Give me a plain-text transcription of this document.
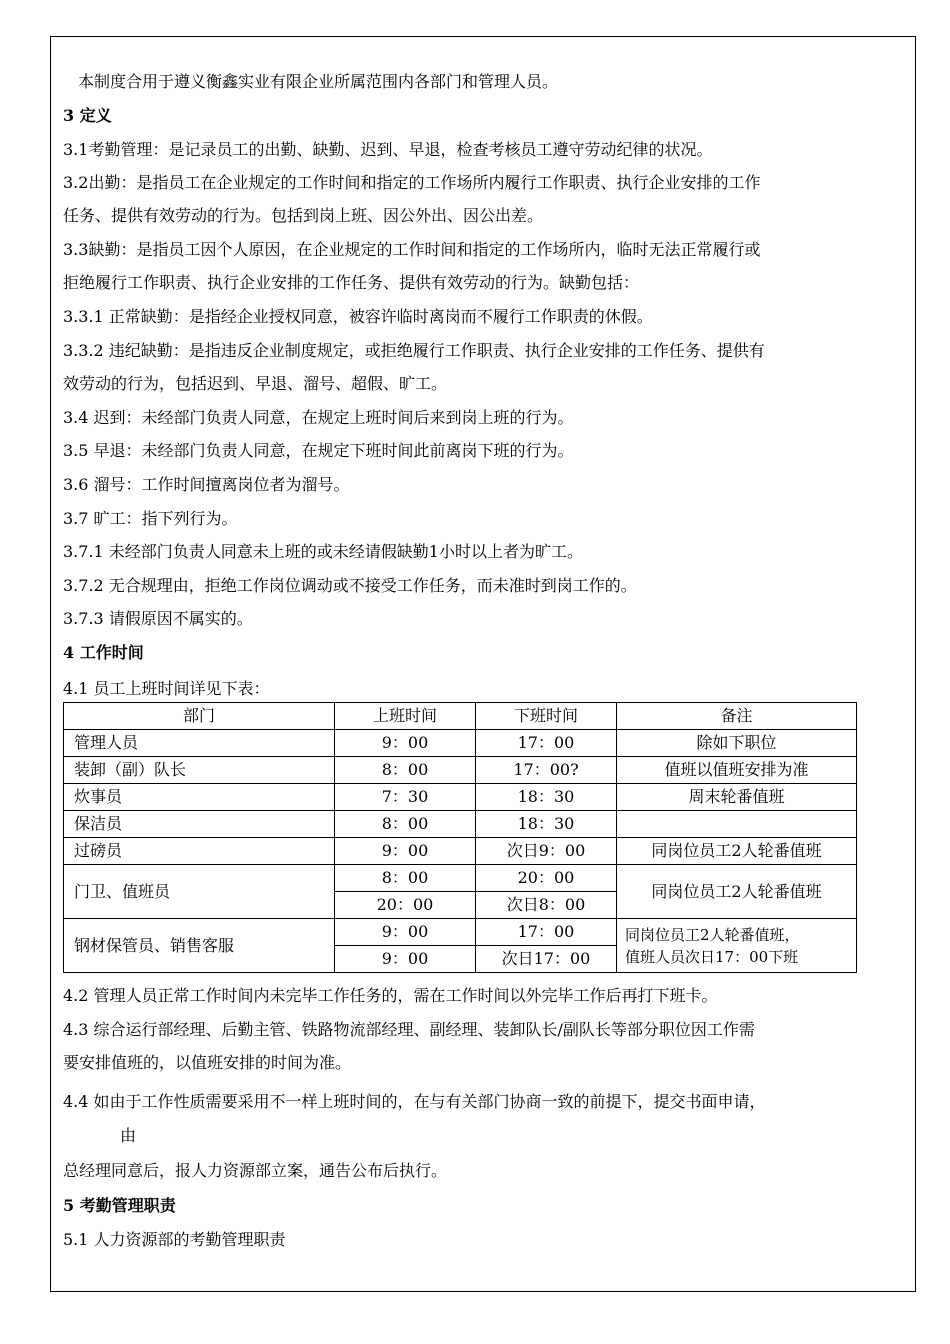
本制度合用于遵义衡鑫实业有限企业所属范围内各部门和管理人员。
3 定义
3.1考勤管理：是记录员工的出勤、缺勤、迟到、早退，检查考核员工遵守劳动纪律的状况。
3.2出勤：是指员工在企业规定的工作时间和指定的工作场所内履行工作职责、执行企业安排的工作
任务、提供有效劳动的行为。包括到岗上班、因公外出、因公出差。
3.3缺勤：是指员工因个人原因，在企业规定的工作时间和指定的工作场所内，临时无法正常履行或
拒绝履行工作职责、执行企业安排的工作任务、提供有效劳动的行为。缺勤包括：
3.3.1 正常缺勤：是指经企业授权同意，被容许临时离岗而不履行工作职责的休假。
3.3.2 违纪缺勤：是指违反企业制度规定，或拒绝履行工作职责、执行企业安排的工作任务、提供有
效劳动的行为，包括迟到、早退、溜号、超假、旷工。
3.4 迟到：未经部门负责人同意，在规定上班时间后来到岗上班的行为。
3.5 早退：未经部门负责人同意，在规定下班时间此前离岗下班的行为。
3.6 溜号：工作时间擅离岗位者为溜号。
3.7 旷工：指下列行为。
3.7.1 未经部门负责人同意未上班的或未经请假缺勤1小时以上者为旷工。
3.7.2 无合规理由，拒绝工作岗位调动或不接受工作任务，而未准时到岗工作的。
3.7.3 请假原因不属实的。
4 工作时间
4.1 员工上班时间详见下表：
部门	上班时间	下班时间	备注
管理人员	9：00	17：00	除如下职位
装卸（副）队长	8：00	17：00?	值班以值班安排为准
炊事员	7：30	18：30	周末轮番值班
保洁员	8：00	18：30	
过磅员	9：00	次日9：00	同岗位员工2人轮番值班
门卫、值班员	8：00	20：00	同岗位员工2人轮番值班
	20：00	次日8：00	
钢材保管员、销售客服	9：00	17：00	同岗位员工2人轮番值班，
值班人员次日17：00下班

	9：00	次日17：00	
4.2 管理人员正常工作时间内未完毕工作任务的，需在工作时间以外完毕工作后再打下班卡。
4.3 综合运行部经理、后勤主管、铁路物流部经理、副经理、装卸队长/副队长等部分职位因工作需
要安排值班的，以值班安排的时间为准。
4.4 如由于工作性质需要采用不一样上班时间的，在与有关部门协商一致的前提下，提交书面申请，
由
总经理同意后，报人力资源部立案，通告公布后执行。
5 考勤管理职责
5.1 人力资源部的考勤管理职责
